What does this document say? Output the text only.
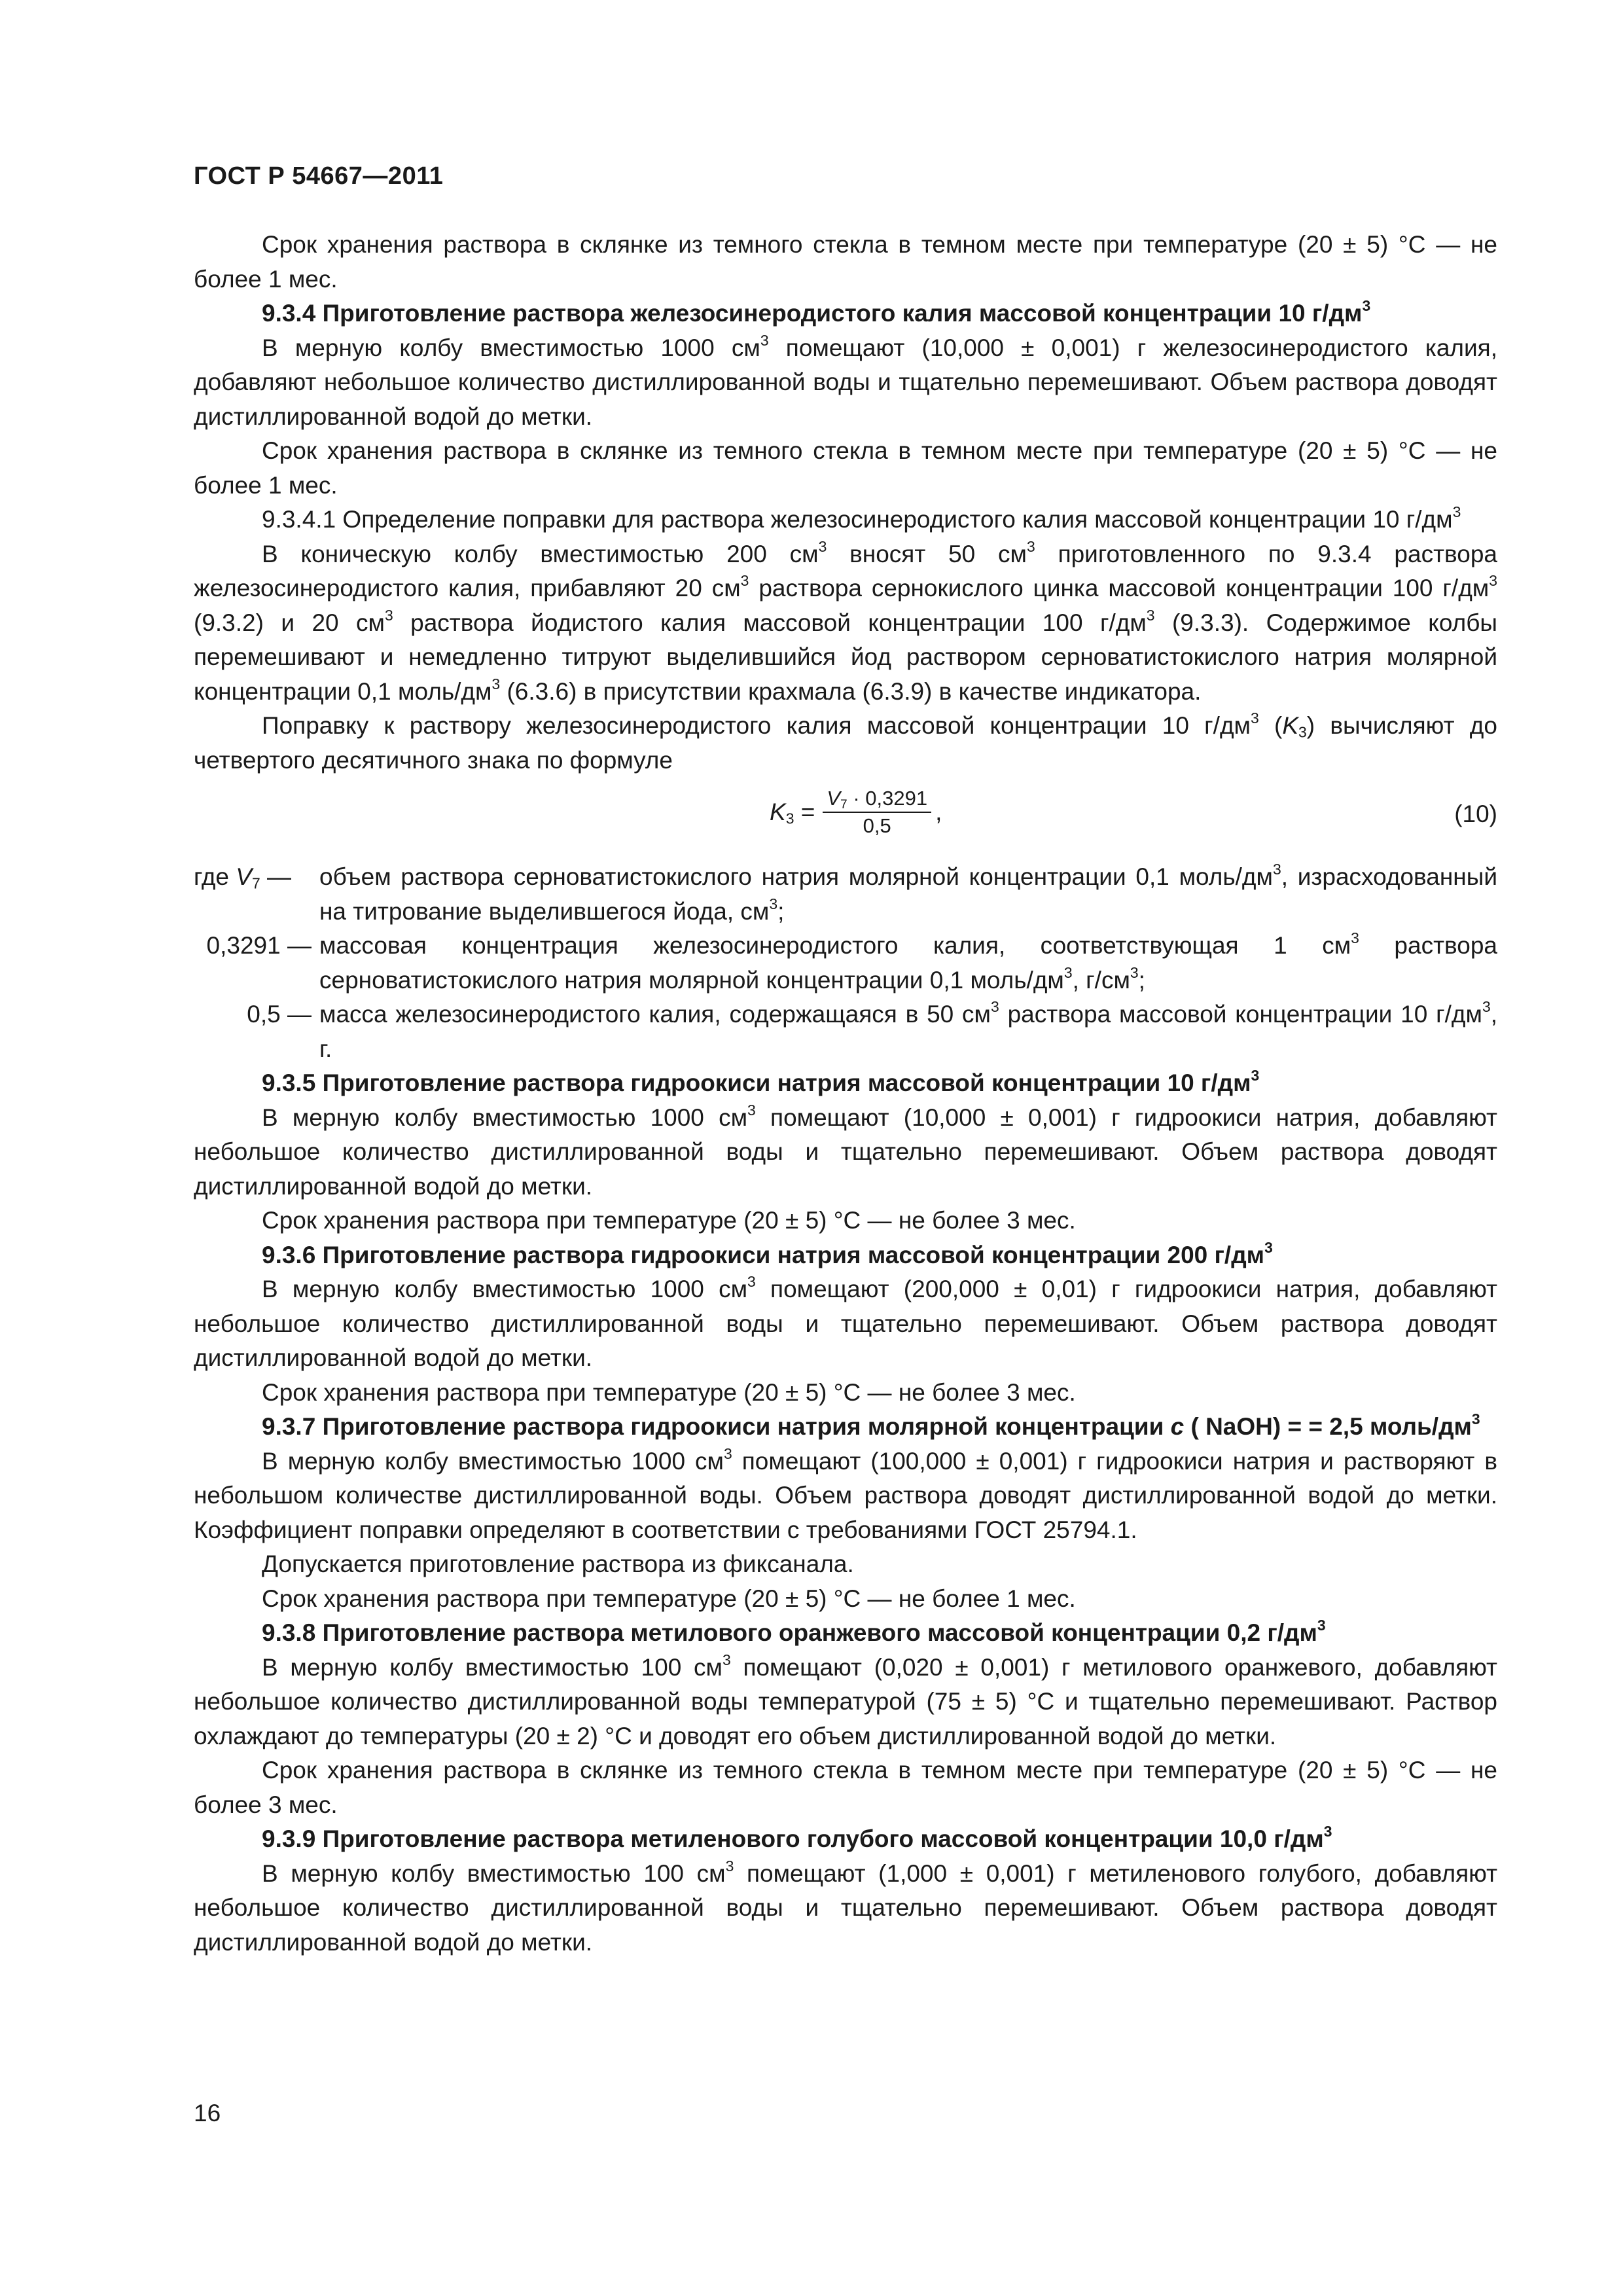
ГОСТ Р 54667—2011

Срок хранения раствора в склянке из темного стекла в темном месте при температуре (20 ± 5) °С — не более 1 мес.

9.3.4 Приготовление раствора железосинеродистого калия массовой концентрации 10 $г/дм^3$

В мерную колбу вместимостью 1000 $см^3$ помещают (10,000 ± 0,001) г железосинеродистого калия, добавляют небольшое количество дистиллированной воды и тщательно перемешивают. Объем раствора доводят дистиллированной водой до метки.

Срок хранения раствора в склянке из темного стекла в темном месте при температуре (20 ± 5) °С — не более 1 мес.

9.3.4.1 Определение поправки для раствора железосинеродистого калия массовой концентрации 10 $г/дм^3$

В коническую колбу вместимостью 200 $см^3$ вносят 50 $см^3$ приготовленного по 9.3.4 раствора железосинеродистого калия, прибавляют 20 $см^3$ раствора сернокислого цинка массовой концентрации 100 $г/дм^3$ (9.3.2) и 20 $см^3$ раствора йодистого калия массовой концентрации 100 $г/дм^3$ (9.3.3). Содержимое колбы перемешивают и немедленно титруют выделившийся йод раствором серноватистокислого натрия молярной концентрации 0,1 моль/$дм^3$ (6.3.6) в присутствии крахмала (6.3.9) в качестве индикатора.

Поправку к раствору железосинеродистого калия массовой концентрации 10 $г/дм^3$ $(K_3)$ вычисляют до четвертого десятичного знака по формуле

$K_3 = \frac{V_7 \cdot 0,3291}{0,5}$ ,	(10)
где $V_7$ —	объем раствора серноватистокислого натрия молярной концентрации 0,1 моль/$дм^3$, израсходованный на титрование выделившегося йода, $см^3$;
0,3291 — массовая концентрация железосинеродистого калия, соответствующая 1 $см^3$ раствора серноватистокислого натрия молярной концентрации 0,1 моль/$дм^3$, $г/см^3$;
0,5 — масса железосинеродистого калия, содержащаяся в 50 $см^3$ раствора массовой концентрации 10 $г/дм^3$, г.

9.3.5 Приготовление раствора гидроокиси натрия массовой концентрации 10 $г/дм^3$

В мерную колбу вместимостью 1000 $см^3$ помещают (10,000 ± 0,001) г гидроокиси натрия, добавляют небольшое количество дистиллированной воды и тщательно перемешивают. Объем раствора доводят дистиллированной водой до метки.

Срок хранения раствора при температуре (20 ± 5) °С — не более 3 мес.

9.3.6 Приготовление раствора гидроокиси натрия массовой концентрации 200 $г/дм^3$

В мерную колбу вместимостью 1000 $см^3$ помещают (200,000 ± 0,01) г гидроокиси натрия, добавляют небольшое количество дистиллированной воды и тщательно перемешивают. Объем раствора доводят дистиллированной водой до метки.

Срок хранения раствора при температуре (20 ± 5) °С — не более 3 мес.

9.3.7 Приготовление раствора гидроокиси натрия молярной концентрации c ( NaOH) = = 2,5 моль/$дм^3$

В мерную колбу вместимостью 1000 $см^3$ помещают (100,000 ± 0,001) г гидроокиси натрия и растворяют в небольшом количестве дистиллированной воды. Объем раствора доводят дистиллированной водой до метки. Коэффициент поправки определяют в соответствии с требованиями ГОСТ 25794.1.

Допускается приготовление раствора из фиксанала.

Срок хранения раствора при температуре (20 ± 5) °С — не более 1 мес.

9.3.8 Приготовление раствора метилового оранжевого массовой концентрации 0,2 $г/дм^3$

В мерную колбу вместимостью 100 $см^3$ помещают (0,020 ± 0,001) г метилового оранжевого, добавляют небольшое количество дистиллированной воды температурой (75 ± 5) °С и тщательно перемешивают. Раствор охлаждают до температуры (20 ± 2) °С и доводят его объем дистиллированной водой до метки.

Срок хранения раствора в склянке из темного стекла в темном месте при температуре (20 ± 5) °С — не более 3 мес.

9.3.9 Приготовление раствора метиленового голубого массовой концентрации 10,0 $г/дм^3$

В мерную колбу вместимостью 100 $см^3$ помещают (1,000 ± 0,001) г метиленового голубого, добавляют небольшое количество дистиллированной воды и тщательно перемешивают. Объем раствора доводят дистиллированной водой до метки.

16
